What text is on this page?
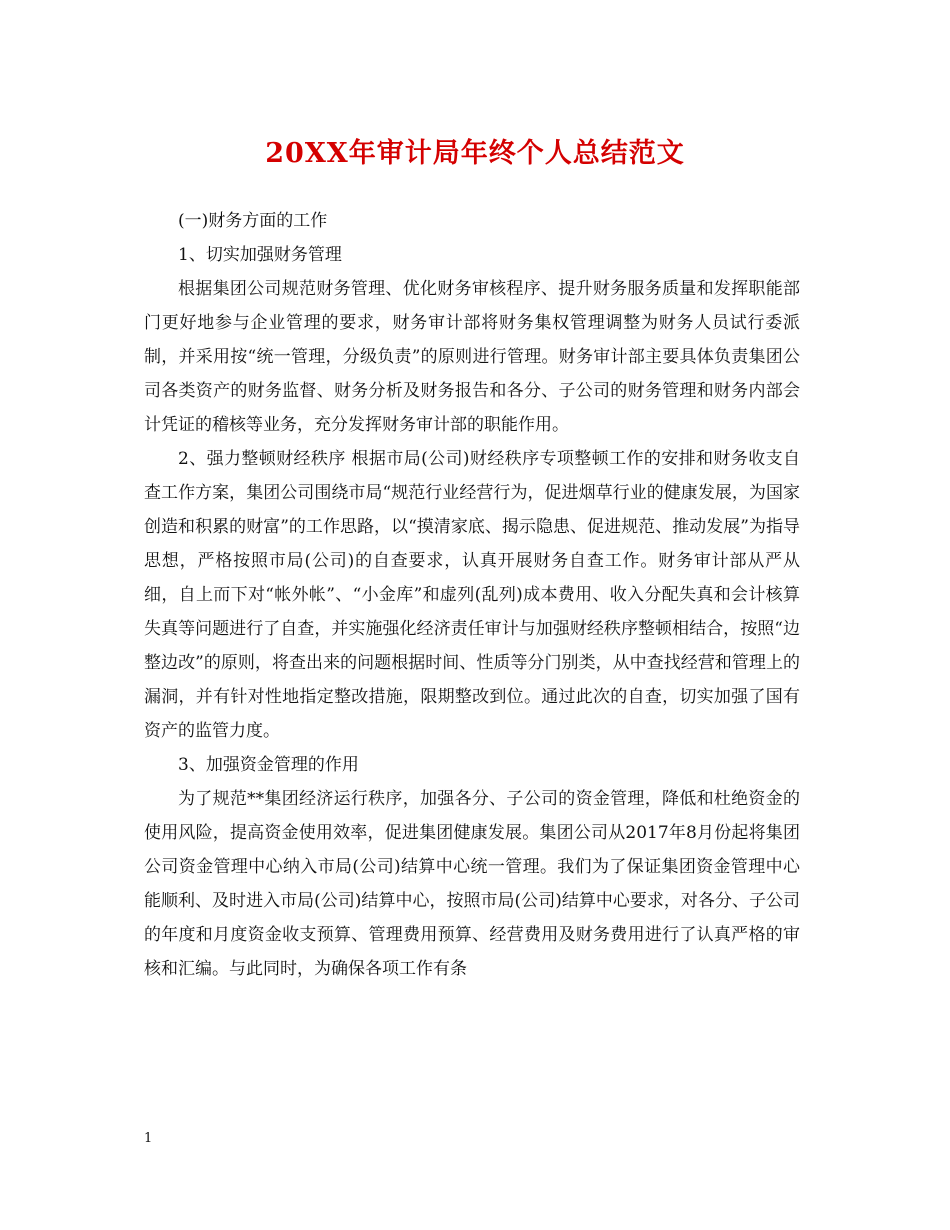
20XX年审计局年终个人总结范文

(一)财务方面的工作

1、切实加强财务管理

根据集团公司规范财务管理、优化财务审核程序、提升财务服务质量和发挥职能部门更好地参与企业管理的要求，财务审计部将财务集权管理调整为财务人员试行委派制，并采用按“统一管理，分级负责”的原则进行管理。财务审计部主要具体负责集团公司各类资产的财务监督、财务分析及财务报告和各分、子公司的财务管理和财务内部会计凭证的稽核等业务，充分发挥财务审计部的职能作用。

2、强力整顿财经秩序 根据市局(公司)财经秩序专项整顿工作的安排和财务收支自查工作方案，集团公司围绕市局“规范行业经营行为，促进烟草行业的健康发展，为国家创造和积累的财富”的工作思路，以“摸清家底、揭示隐患、促进规范、推动发展”为指导思想，严格按照市局(公司)的自查要求，认真开展财务自查工作。财务审计部从严从细，自上而下对“帐外帐”、“小金库”和虚列(乱列)成本费用、收入分配失真和会计核算失真等问题进行了自查，并实施强化经济责任审计与加强财经秩序整顿相结合，按照“边整边改”的原则，将查出来的问题根据时间、性质等分门别类，从中查找经营和管理上的漏洞，并有针对性地指定整改措施，限期整改到位。通过此次的自查，切实加强了国有资产的监管力度。

3、加强资金管理的作用

为了规范**集团经济运行秩序，加强各分、子公司的资金管理，降低和杜绝资金的使用风险，提高资金使用效率，促进集团健康发展。集团公司从2017年8月份起将集团公司资金管理中心纳入市局(公司)结算中心统一管理。我们为了保证集团资金管理中心能顺利、及时进入市局(公司)结算中心，按照市局(公司)结算中心要求，对各分、子公司的年度和月度资金收支预算、管理费用预算、经营费用及财务费用进行了认真严格的审核和汇编。与此同时，为确保各项工作有条

1
